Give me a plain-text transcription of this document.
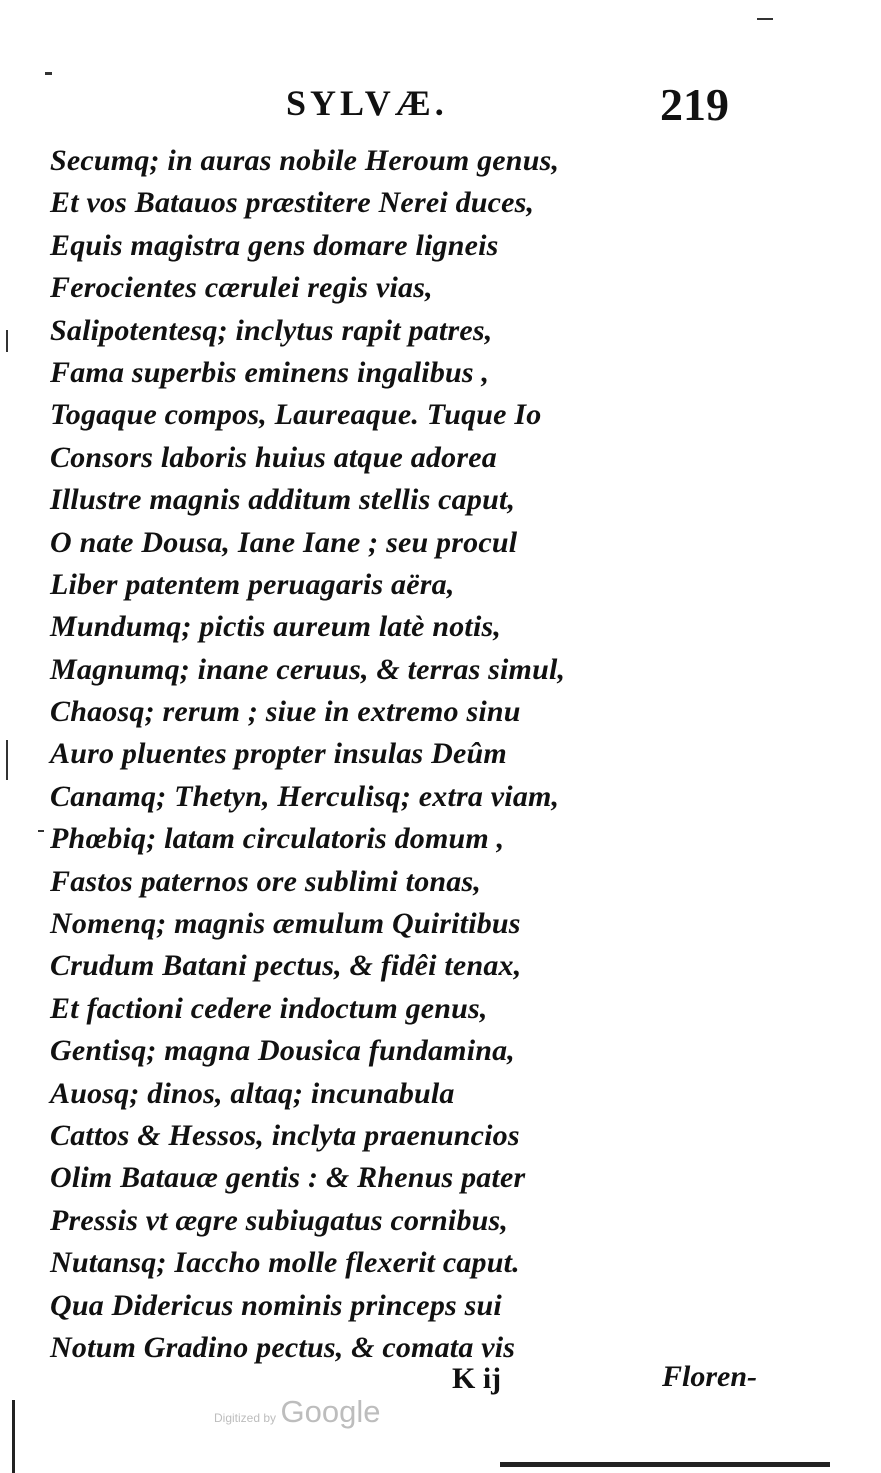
SYLVÆ.	219
Secumq; in auras nobile Heroum genus,
Et vos Batauos præstitere Nerei duces,
Equis magistra gens domare ligneis
Ferocientes cærulei regis vias,
Salipotentesq; inclytus rapit patres,
Fama superbis eminens ingalibus ,
Togaque compos, Laureaque. Tuque Io
Consors laboris huius atque adorea
Illustre magnis additum stellis caput,
O nate Dousa, Iane Iane ; seu procul
Liber patentem peruagaris aëra,
Mundumq; pictis aureum latè notis,
Magnumq; inane ceruus, & terras simul,
Chaosq; rerum ; siue in extremo sinu
Auro pluentes propter insulas Deûm
Canamq; Thetyn, Herculisq; extra viam,
Phœbiq; latam circulatoris domum ,
Fastos paternos ore sublimi tonas,
Nomenq; magnis æmulum Quiritibus
Crudum Batani pectus, & fidêi tenax,
Et factioni cedere indoctum genus,
Gentisq; magna Dousica fundamina,
Auosq; dinos, altaq; incunabula
Cattos & Hessos, inclyta praenuncios
Olim Batauæ gentis : & Rhenus pater
Pressis vt ægre subiugatus cornibus,
Nutansq; Iaccho molle flexerit caput.
Qua Didericus nominis princeps sui
Notum Gradino pectus, & comata vis
K ij	Floren-
Digitized by Google
